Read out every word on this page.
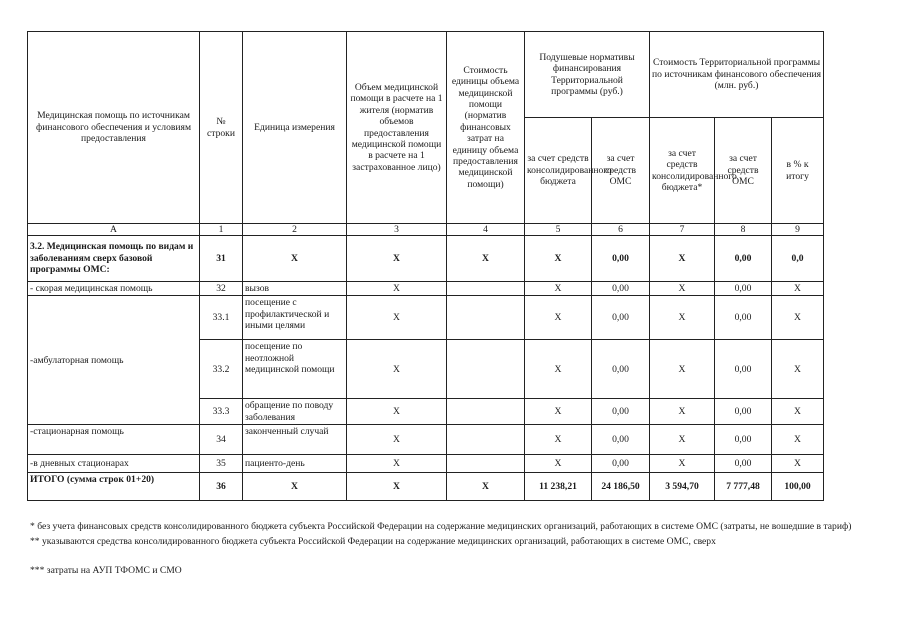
Медицинская помощь по источникам финансового обеспечения и условиям предоставления	№ строки	Единица измерения	Объем медицинской помощи в расчете на 1 жителя (норматив объемов предоставления медицинской помощи в расчете на 1 застрахованное лицо)	Стоимость единицы объема медицинской помощи (норматив финансовых затрат на единицу объема предоставления медицинской помощи)	Подушевые нормативы финансирования Территориальной программы (руб.)		Стоимость Территориальной программы по источникам финансового обеспечения (млн. руб.)		
					за счет средств консолидированного бюджета	за счет средств ОМС	за счет средств консолидированного бюджета*	за счет средств ОМС	в % к итогу
А	1	2	3	4	5	6	7	8	9
3.2. Медицинская помощь по видам и заболеваниям сверх базовой программы ОМС:	31	Х	Х	Х	Х	0,00	Х	0,00	0,0
- скорая медицинская помощь	32	вызов	Х		Х	0,00	Х	0,00	Х
-амбулаторная помощь	33.1	посещение с профилактической и иными целями	Х		Х	0,00	Х	0,00	Х
	33.2	посещение по неотложной медицинской помощи	Х		Х	0,00	Х	0,00	Х
	33.3	обращение по поводу заболевания	Х		Х	0,00	Х	0,00	Х
-стационарная помощь	34	законченный случай	Х		Х	0,00	Х	0,00	Х
-в дневных стационарах	35	пациенто-день	Х		Х	0,00	Х	0,00	Х
ИТОГО (сумма строк 01+20)	36	Х	Х	Х	11 238,21	24 186,50	3 594,70	7 777,48	100,00
* без учета финансовых средств консолидированного бюджета субъекта Российской Федерации на содержание медицинских организаций, работающих в системе ОМС (затраты, не вошедшие в тариф)
** указываются средства консолидированного бюджета субъекта Российской Федерации на содержание медицинских организаций, работающих в системе ОМС, сверх
*** затраты на АУП ТФОМС и СМО
